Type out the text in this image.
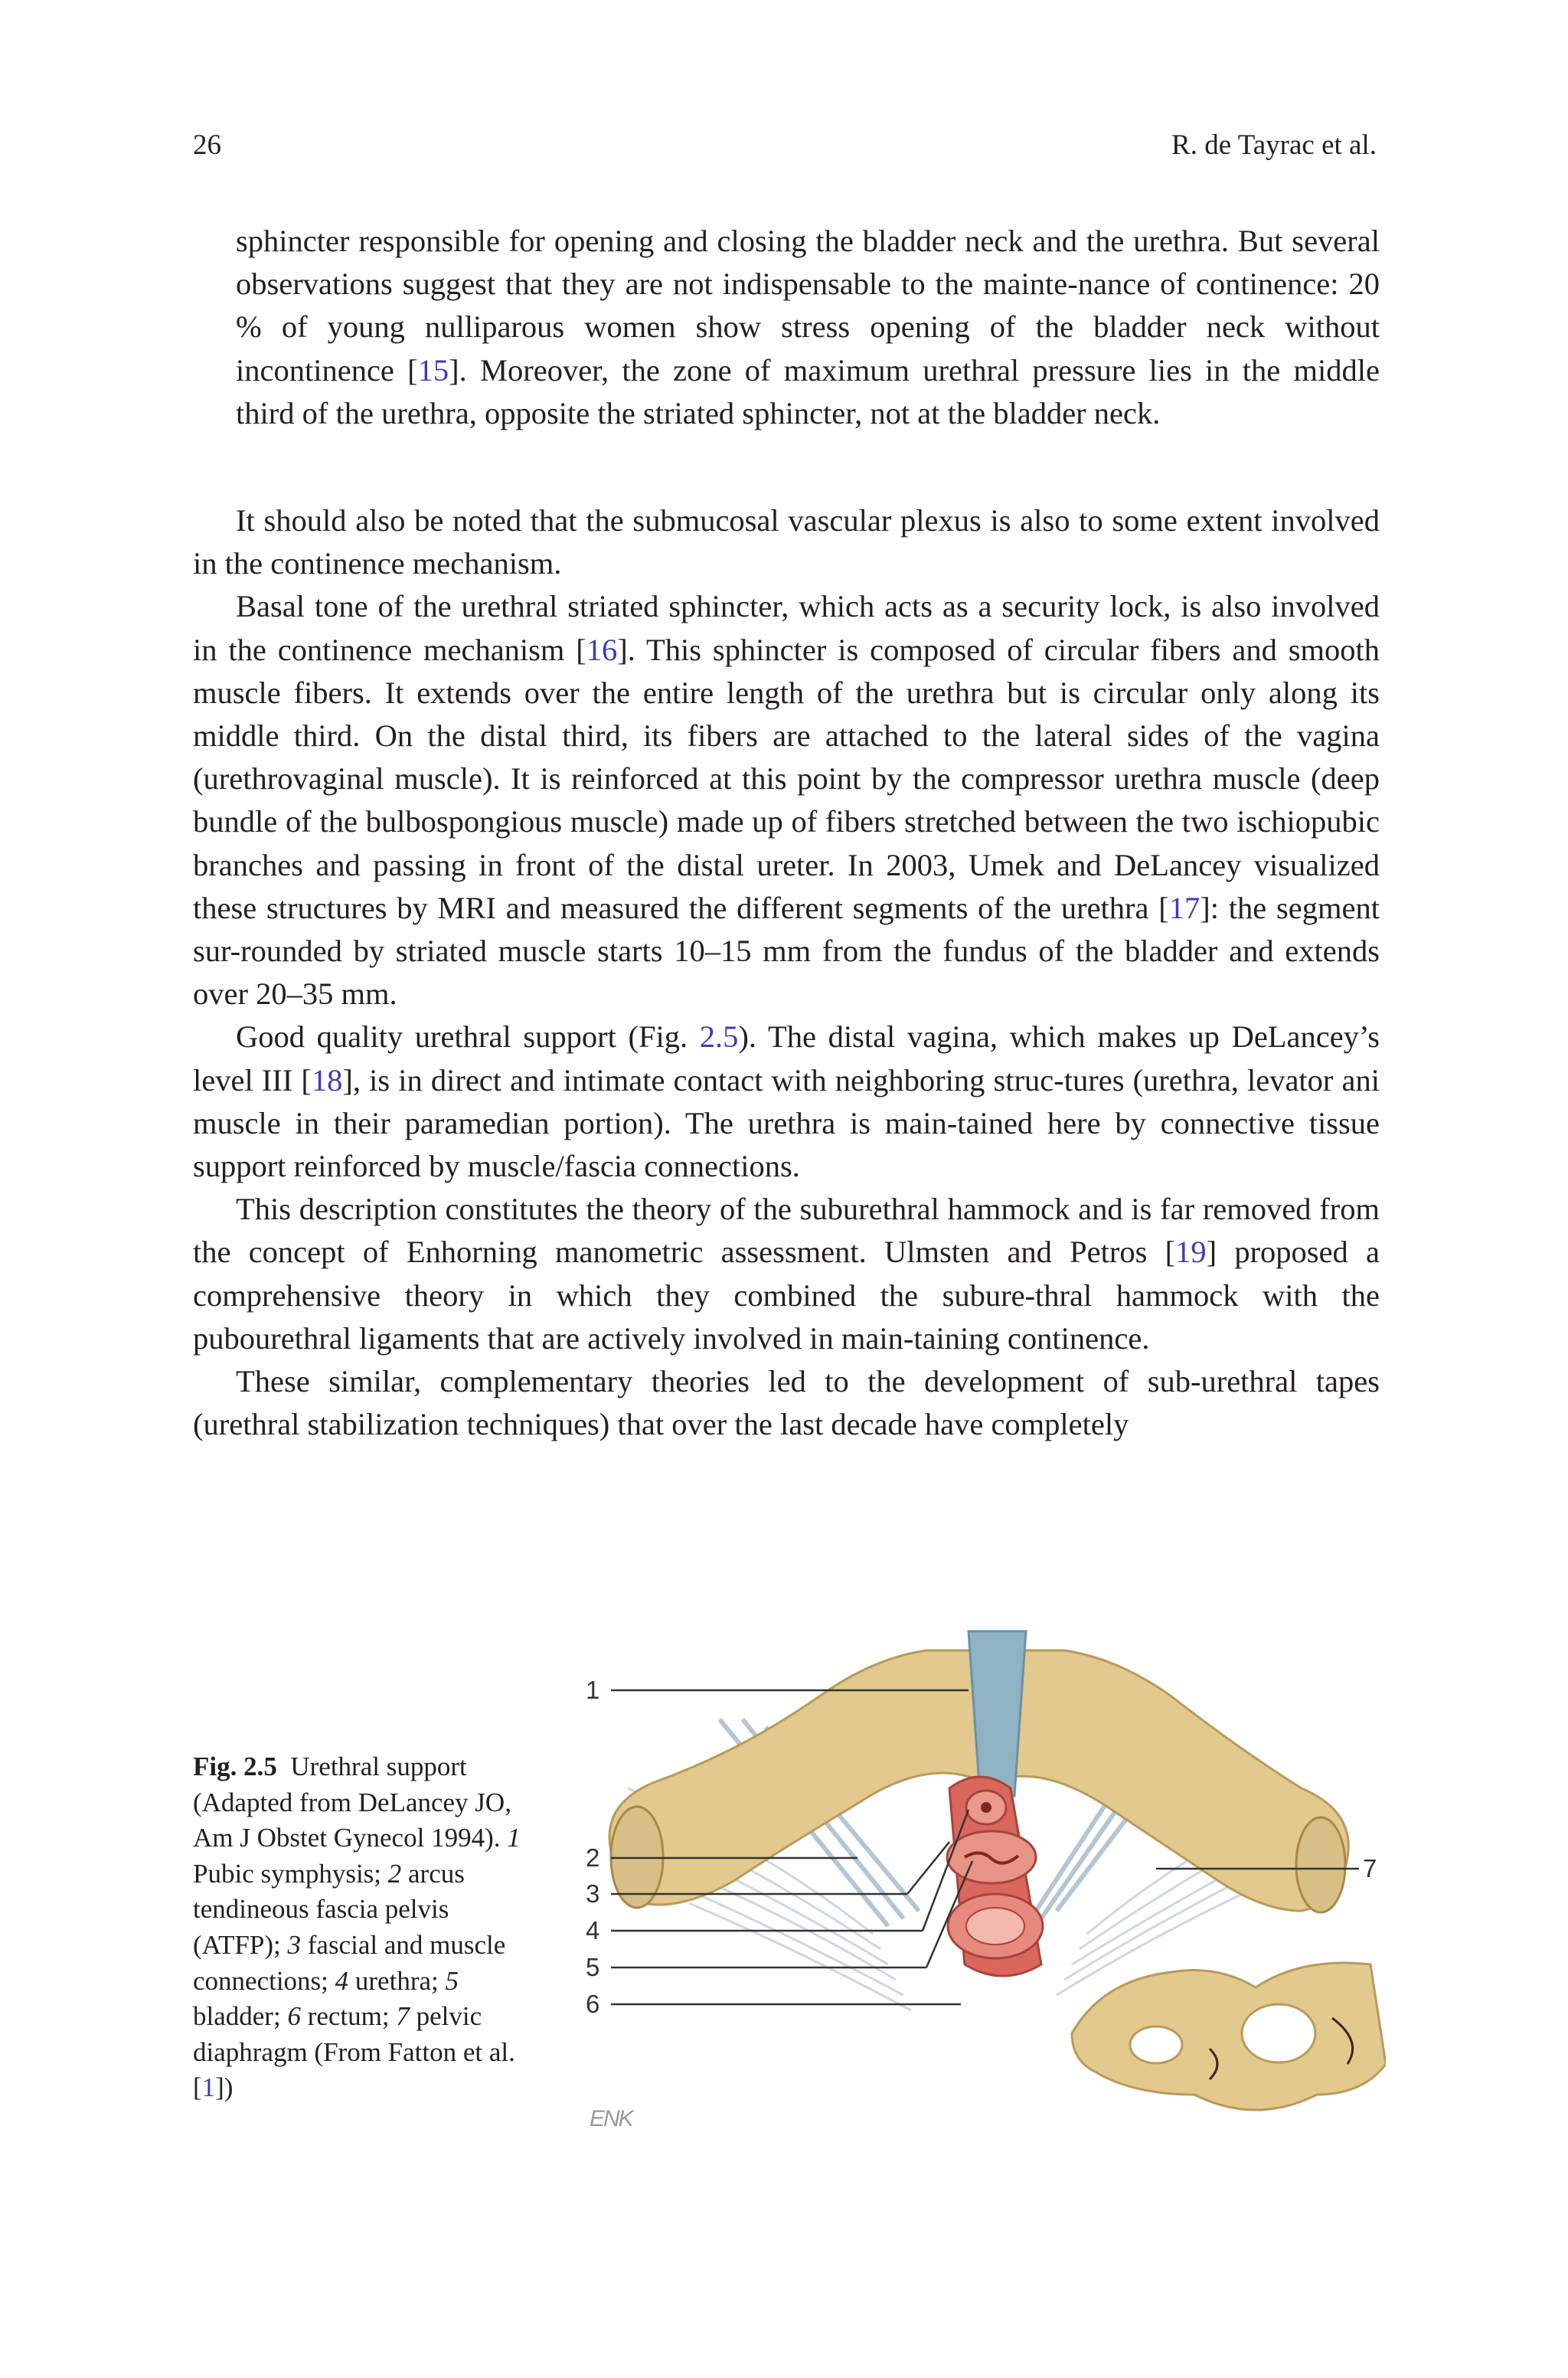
26	R. de Tayrac et al.

sphincter responsible for opening and closing the bladder neck and the urethra. But several observations suggest that they are not indispensable to the mainte-nance of continence: 20 % of young nulliparous women show stress opening of the bladder neck without incontinence [15]. Moreover, the zone of maximum urethral pressure lies in the middle third of the urethra, opposite the striated sphincter, not at the bladder neck.

It should also be noted that the submucosal vascular plexus is also to some extent involved in the continence mechanism.

Basal tone of the urethral striated sphincter, which acts as a security lock, is also involved in the continence mechanism [16]. This sphincter is composed of circular fibers and smooth muscle fibers. It extends over the entire length of the urethra but is circular only along its middle third. On the distal third, its fibers are attached to the lateral sides of the vagina (urethrovaginal muscle). It is reinforced at this point by the compressor urethra muscle (deep bundle of the bulbospongious muscle) made up of fibers stretched between the two ischiopubic branches and passing in front of the distal ureter. In 2003, Umek and DeLancey visualized these structures by MRI and measured the different segments of the urethra [17]: the segment sur-rounded by striated muscle starts 10–15 mm from the fundus of the bladder and extends over 20–35 mm.

Good quality urethral support (Fig. 2.5). The distal vagina, which makes up DeLancey’s level III [18], is in direct and intimate contact with neighboring struc-tures (urethra, levator ani muscle in their paramedian portion). The urethra is main-tained here by connective tissue support reinforced by muscle/fascia connections.

This description constitutes the theory of the suburethral hammock and is far removed from the concept of Enhorning manometric assessment. Ulmsten and Petros [19] proposed a comprehensive theory in which they combined the subure-thral hammock with the pubourethral ligaments that are actively involved in main-taining continence.

These similar, complementary theories led to the development of sub-urethral tapes (urethral stabilization techniques) that over the last decade have completely

Fig. 2.5 Urethral support (Adapted from DeLancey JO, Am J Obstet Gynecol 1994). 1 Pubic symphysis; 2 arcus tendineous fascia pelvis (ATFP); 3 fascial and muscle connections; 4 urethra; 5 bladder; 6 rectum; 7 pelvic diaphragm (From Fatton et al. [1])
1
2
3
4
5
6
7
ENK
